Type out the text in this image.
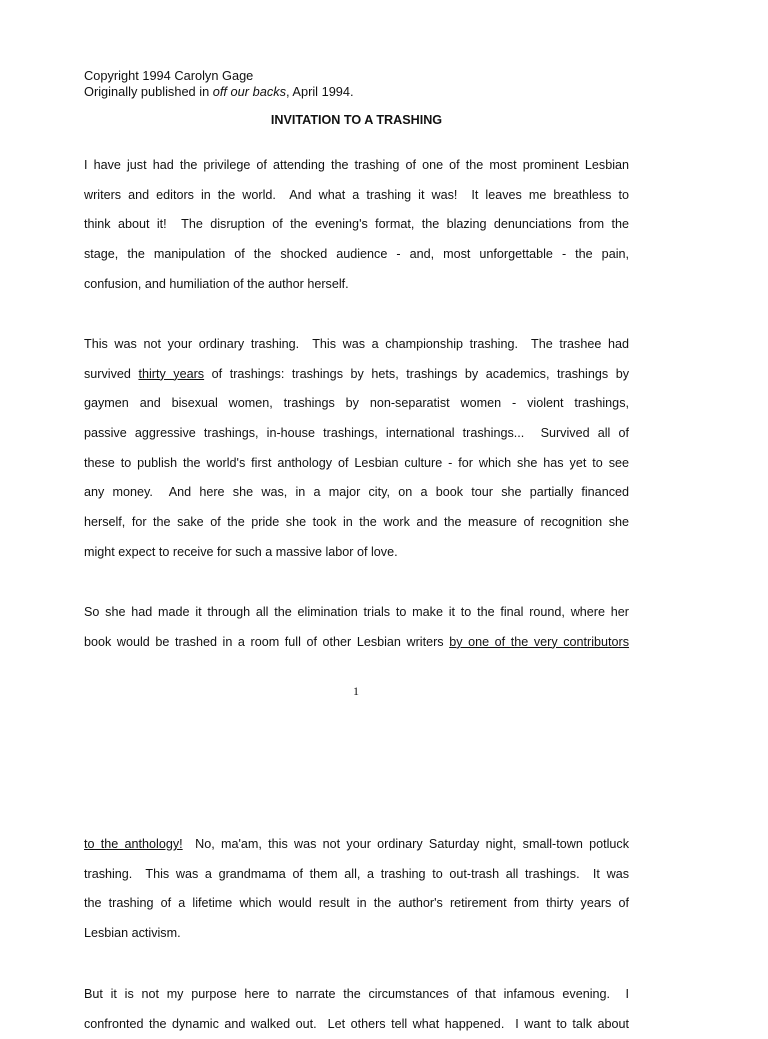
Copyright 1994 Carolyn Gage
Originally published in off our backs, April 1994.
INVITATION TO A TRASHING

I have just had the privilege of attending the trashing of one of the most prominent Lesbian
writers and editors in the world.  And what a trashing it was!  It leaves me breathless to
think about it!  The disruption of the evening's format, the blazing denunciations from the
stage, the manipulation of the shocked audience - and, most unforgettable - the pain,
confusion, and humiliation of the author herself.

This was not your ordinary trashing.  This was a championship trashing.  The trashee had
survived thirty years of trashings: trashings by hets, trashings by academics, trashings by
gaymen and bisexual women, trashings by non-separatist women - violent trashings,
passive aggressive trashings, in-house trashings, international trashings...  Survived all of
these to publish the world's first anthology of Lesbian culture - for which she has yet to see
any money.  And here she was, in a major city, on a book tour she partially financed
herself, for the sake of the pride she took in the work and the measure of recognition she
might expect to receive for such a massive labor of love.

So she had made it through all the elimination trials to make it to the final round, where her
book would be trashed in a room full of other Lesbian writers by one of the very contributors

1

to the anthology!  No, ma'am, this was not your ordinary Saturday night, small-town potluck
trashing.  This was a grandmama of them all, a trashing to out-trash all trashings.  It was
the trashing of a lifetime which would result in the author's retirement from thirty years of
Lesbian activism.

But it is not my purpose here to narrate the circumstances of that infamous evening.  I
confronted the dynamic and walked out.  Let others tell what happened.  I want to talk about
